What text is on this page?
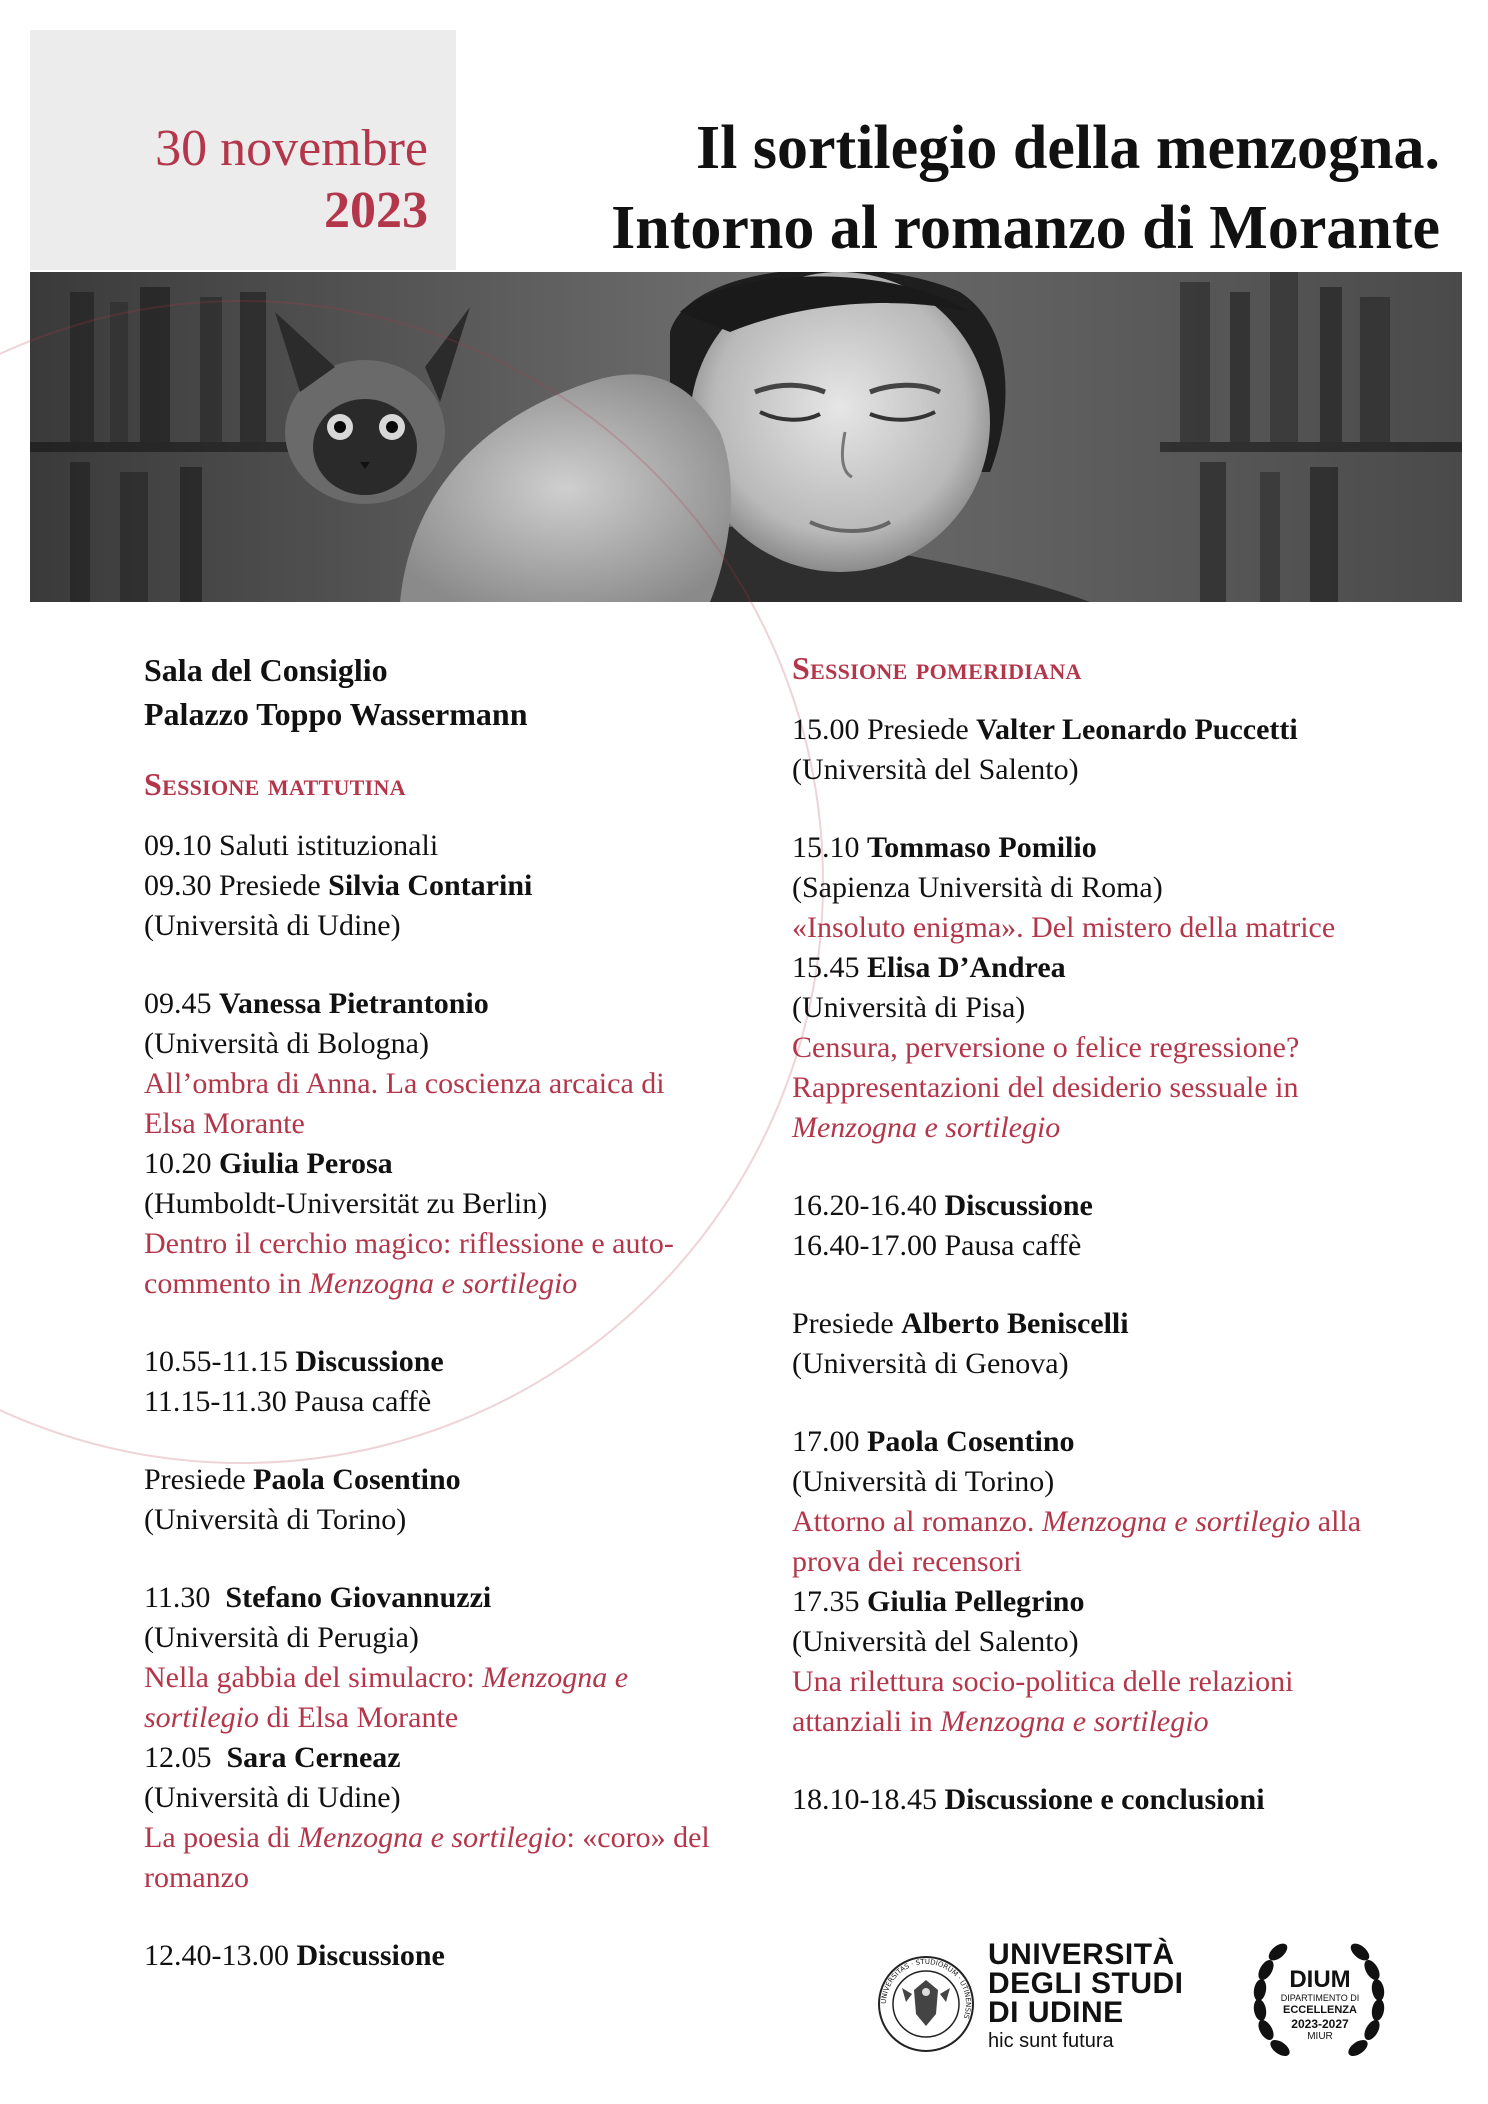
30 novembre
2023
Il sortilegio della menzogna.
Intorno al romanzo di Morante
Sala del Consiglio
Palazzo Toppo Wassermann
Sessione mattutina
09.10 Saluti istituzionali
09.30 Presiede Silvia Contarini
(Università di Udine)
09.45 Vanessa Pietrantonio
(Università di Bologna)
All’ombra di Anna. La coscienza arcaica di Elsa Morante
10.20 Giulia Perosa
(Humboldt-Universität zu Berlin)
Dentro il cerchio magico: riflessione e auto-commento in Menzogna e sortilegio
10.55-11.15 Discussione
11.15-11.30 Pausa caffè
Presiede Paola Cosentino
(Università di Torino)
11.30 Stefano Giovannuzzi
(Università di Perugia)
Nella gabbia del simulacro: Menzogna e sortilegio di Elsa Morante
12.05 Sara Cerneaz
(Università di Udine)
La poesia di Menzogna e sortilegio: «coro» del romanzo
12.40-13.00 Discussione
Sessione pomeridiana
15.00 Presiede Valter Leonardo Puccetti (Università del Salento)
15.10 Tommaso Pomilio
(Sapienza Università di Roma)
«Insoluto enigma». Del mistero della matrice
15.45 Elisa D’Andrea
(Università di Pisa)
Censura, perversione o felice regressione? Rappresentazioni del desiderio sessuale in Menzogna e sortilegio
16.20-16.40 Discussione
16.40-17.00 Pausa caffè
Presiede Alberto Beniscelli
(Università di Genova)
17.00 Paola Cosentino
(Università di Torino)
Attorno al romanzo. Menzogna e sortilegio alla prova dei recensori
17.35 Giulia Pellegrino
(Università del Salento)
Una rilettura socio-politica delle relazioni attanziali in Menzogna e sortilegio
18.10-18.45 Discussione e conclusioni
UNIVERSITAS · STUDIORUM · UTINENSIS
UNIVERSITÀ
DEGLI STUDI
DI UDINE
hic sunt futura
DIUM
DIPARTIMENTO DI
ECCELLENZA
2023-2027
MIUR
